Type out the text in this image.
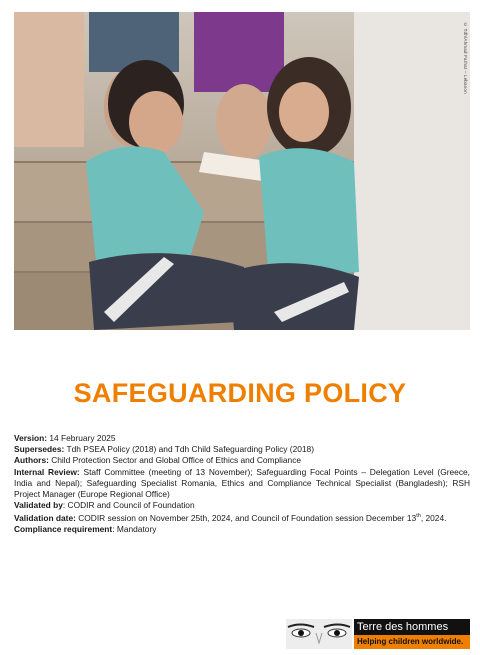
© Tdh/Ahmad Farhat – Lebanon
SAFEGUARDING POLICY

Version: 14 February 2025

Supersedes: Tdh PSEA Policy (2018) and Tdh Child Safeguarding Policy (2018)

Authors: Child Protection Sector and Global Office of Ethics and Compliance

Internal Review: Staff Committee (meeting of 13 November); Safeguarding Focal Points – Delegation Level (Greece, India and Nepal); Safeguarding Specialist Romania, Ethics and Compliance Technical Specialist (Bangladesh); RSH Project Manager (Europe Regional Office)

Validated by: CODIR and Council of Foundation

Validation date: CODIR session on November 25th, 2024, and Council of Foundation session December 13th, 2024.

Compliance requirement: Mandatory

Terre des hommes
Helping children worldwide.
